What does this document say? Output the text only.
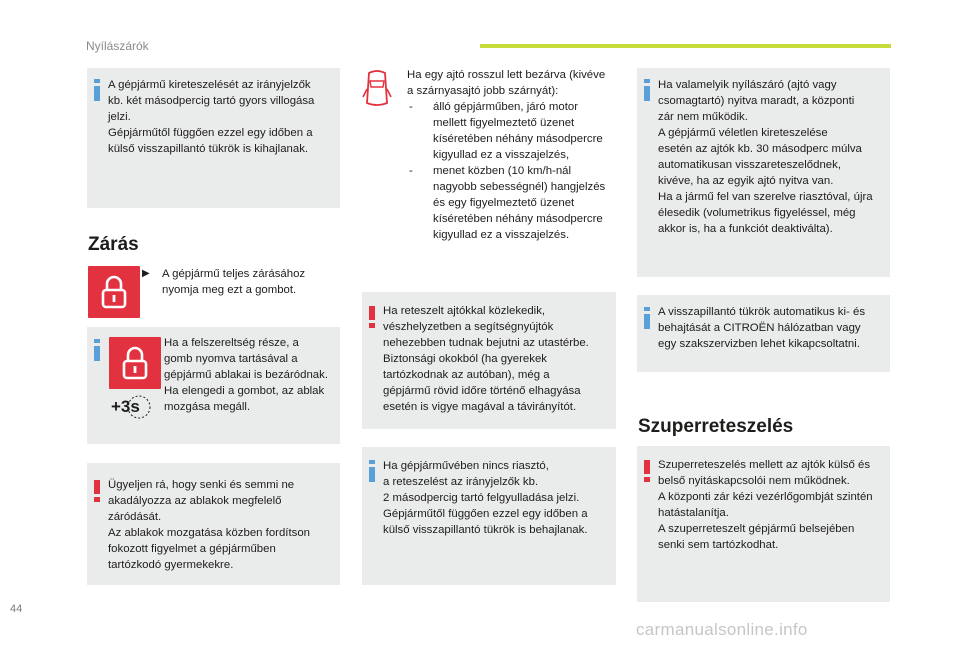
Nyílászárók

A gépjármű kireteszelését az irányjelzők

kb. két másodpercig tartó gyors villogása

jelzi.

Gépjárműtől függően ezzel egy időben a

külső visszapillantó tükrök is kihajlanak.

Zárás
▶	A gépjármű teljes zárásához

nyomja meg ezt a gombot.

+3s

Ha a felszereltség része, a

gomb nyomva tartásával a

gépjármű ablakai is bezáródnak.

Ha elengedi a gombot, az ablak

mozgása megáll.

Ügyeljen rá, hogy senki és semmi ne

akadályozza az ablakok megfelelő

záródását.

Az ablakok mozgatása közben fordítson

fokozott figyelmet a gépjárműben

tartózkodó gyermekekre.

Ha egy ajtó rosszul lett bezárva (kivéve

a szárnyasajtó jobb szárnyát):

- álló gépjárműben, járó motor
mellett figyelmeztető üzenet
kíséretében néhány másodpercre
kigyullad ez a visszajelzés,
- menet közben (10 km/h-nál
nagyobb sebességnél) hangjelzés
és egy figyelmeztető üzenet
kíséretében néhány másodpercre
kigyullad ez a visszajelzés.

Ha reteszelt ajtókkal közlekedik,

vészhelyzetben a segítségnyújtók

nehezebben tudnak bejutni az utastérbe.

Biztonsági okokból (ha gyerekek

tartózkodnak az autóban), még a

gépjármű rövid időre történő elhagyása

esetén is vigye magával a távirányítót.

Ha gépjárművében nincs riasztó,

a reteszelést az irányjelzők kb.

2 másodpercig tartó felgyulladása jelzi.

Gépjárműtől függően ezzel egy időben a

külső visszapillantó tükrök is behajlanak.

Ha valamelyik nyílászáró (ajtó vagy

csomagtartó) nyitva maradt, a központi

zár nem működik.

A gépjármű véletlen kireteszelése

esetén az ajtók kb. 30 másodperc múlva

automatikusan visszareteszelődnek,

kivéve, ha az egyik ajtó nyitva van.

Ha a jármű fel van szerelve riasztóval, újra

élesedik (volumetrikus figyeléssel, még

akkor is, ha a funkciót deaktiválta).

A visszapillantó tükrök automatikus ki- és

behajtását a CITROËN hálózatban vagy

egy szakszervizben lehet kikapcsoltatni.

Szuperreteszelés

Szuperreteszelés mellett az ajtók külső és

belső nyitáskapcsolói nem működnek.

A központi zár kézi vezérlőgombját szintén

hatástalanítja.

A szuperreteszelt gépjármű belsejében

senki sem tartózkodhat.

44
carmanualsonline.info
